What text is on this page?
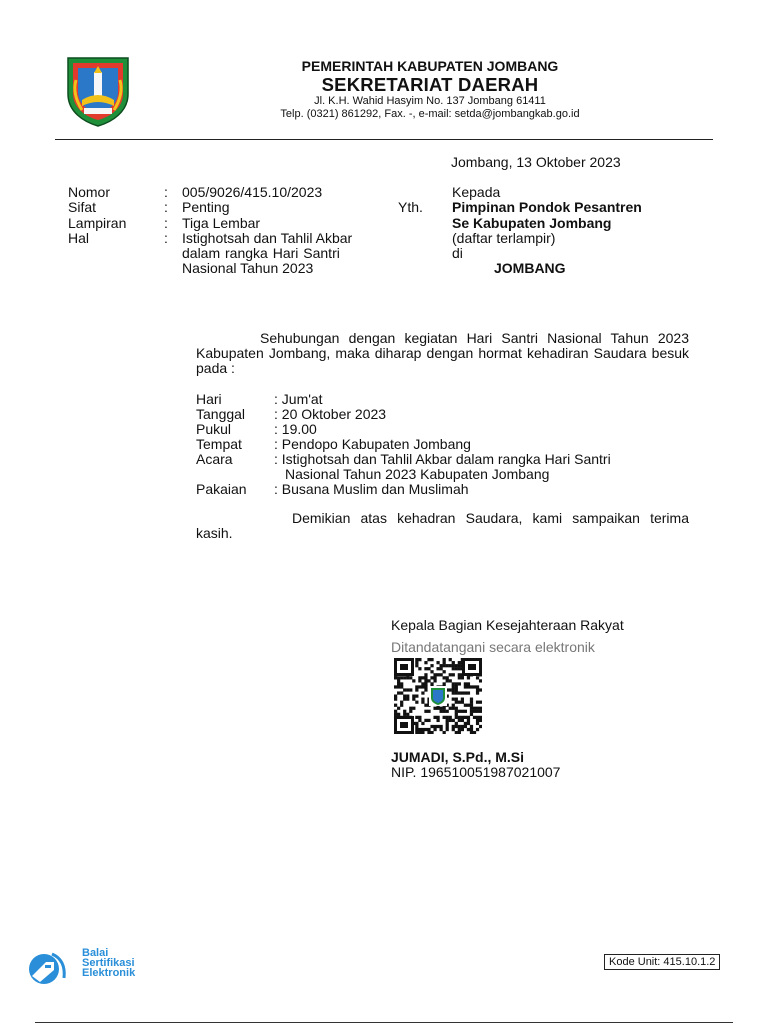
PEMERINTAH KABUPATEN JOMBANG
SEKRETARIAT DAERAH
Jl. K.H. Wahid Hasyim No. 137 Jombang 61411
Telp. (0321) 861292, Fax. -, e-mail: setda@jombangkab.go.id
Jombang, 13 Oktober 2023
Nomor	: 005/9026/415.10/2023
Sifat	: Penting
Lampiran	: Tiga Lembar
Hal	: Istighotsah dan Tahlil Akbar
dalam rangka Hari Santri
Nasional Tahun 2023
Kepada
Yth. Pimpinan Pondok Pesantren
Se Kabupaten Jombang
(daftar terlampir)
di
JOMBANG
Sehubungan dengan kegiatan Hari Santri Nasional Tahun 2023 Kabupaten Jombang, maka diharap dengan hormat kehadiran Saudara besuk pada :
Hari	: Jum'at
Tanggal : 20 Oktober 2023
Pukul	: 19.00
Tempat : Pendopo Kabupaten Jombang
Acara	: Istighotsah dan Tahlil Akbar dalam rangka Hari Santri
Nasional Tahun 2023 Kabupaten Jombang
Pakaian : Busana Muslim dan Muslimah
Demikian atas kehadran Saudara, kami sampaikan terima kasih.
Kepala Bagian Kesejahteraan Rakyat
Ditandatangani secara elektronik
JUMADI, S.Pd., M.Si
NIP. 196510051987021007
Balai
Sertifikasi
Elektronik
Kode Unit: 415.10.1.2
